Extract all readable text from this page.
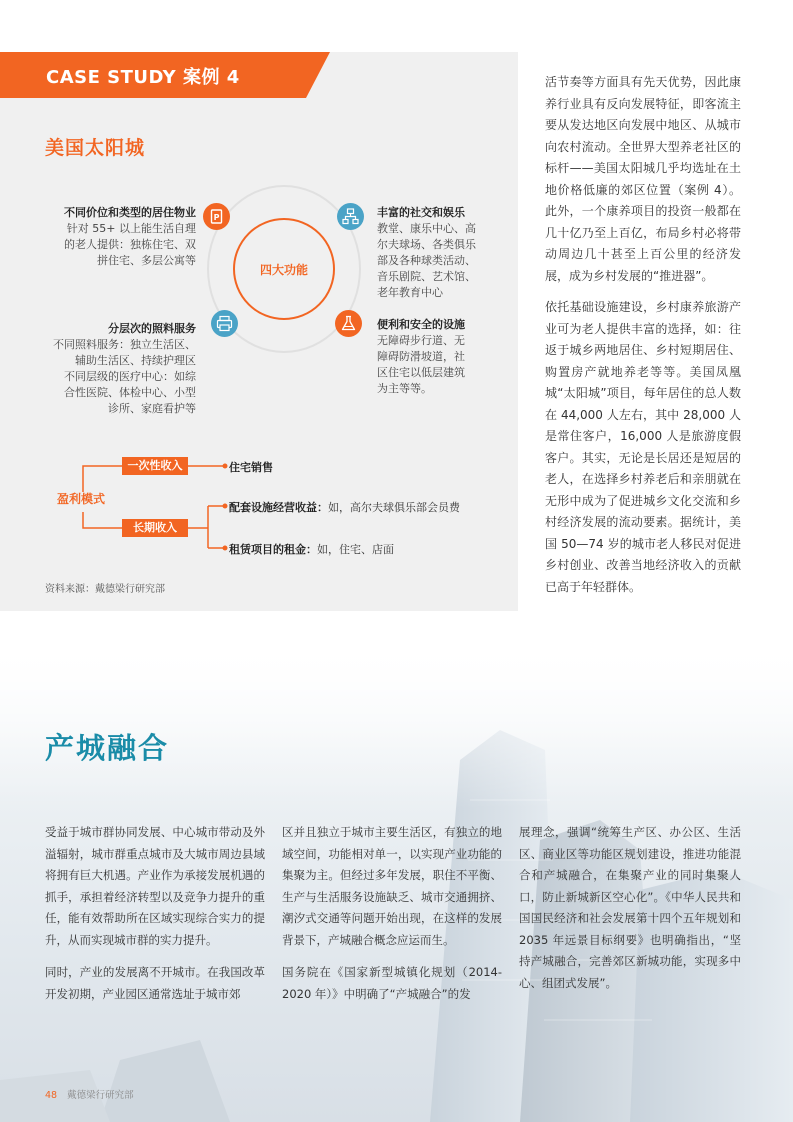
CASE STUDY 案例 4
美国太阳城
四大功能
P
不同价位和类型的居住物业
针对 55+ 以上能生活自理
的老人提供：独栋住宅、双
拼住宅、多层公寓等
丰富的社交和娱乐
教堂、康乐中心、高
尔夫球场、各类俱乐
部及各种球类活动、
音乐剧院、艺术馆、
老年教育中心
分层次的照料服务
不同照料服务：独立生活区、
辅助生活区、持续护理区
不同层级的医疗中心：如综
合性医院、体检中心、小型
诊所、家庭看护等
便利和安全的设施
无障碍步行道、无
障碍防滑坡道，社
区住宅以低层建筑
为主等等。
盈利模式
一次性收入
长期收入
住宅销售
配套设施经营收益：如，高尔夫球俱乐部会员费
租赁项目的租金：如，住宅、店面
资料来源：戴德梁行研究部

活节奏等方面具有先天优势，因此康养行业具有反向发展特征，即客流主要从发达地区向发展中地区、从城市向农村流动。全世界大型养老社区的标杆——美国太阳城几乎均选址在土地价格低廉的郊区位置（案例 4）。此外，一个康养项目的投资一般都在几十亿乃至上百亿，布局乡村必将带动周边几十甚至上百公里的经济发展，成为乡村发展的“推进器”。

依托基础设施建设，乡村康养旅游产业可为老人提供丰富的选择，如：往返于城乡两地居住、乡村短期居住、购置房产就地养老等等。美国凤凰城“太阳城”项目，每年居住的总人数在 44,000 人左右，其中 28,000 人是常住客户，16,000 人是旅游度假客户。其实，无论是长居还是短居的老人，在选择乡村养老后和亲朋就在无形中成为了促进城乡文化交流和乡村经济发展的流动要素。据统计，美国 50—74 岁的城市老人移民对促进乡村创业、改善当地经济收入的贡献已高于年轻群体。

产城融合

受益于城市群协同发展、中心城市带动及外溢辐射，城市群重点城市及大城市周边县域将拥有巨大机遇。产业作为承接发展机遇的抓手，承担着经济转型以及竞争力提升的重任，能有效帮助所在区域实现综合实力的提升，从而实现城市群的实力提升。

同时，产业的发展离不开城市。在我国改革开发初期，产业园区通常选址于城市郊

区并且独立于城市主要生活区，有独立的地域空间，功能相对单一，以实现产业功能的集聚为主。但经过多年发展，职住不平衡、生产与生活服务设施缺乏、城市交通拥挤、潮汐式交通等问题开始出现，在这样的发展背景下，产城融合概念应运而生。

国务院在《国家新型城镇化规划（2014-2020 年）》中明确了“产城融合”的发

展理念，强调“统筹生产区、办公区、生活区、商业区等功能区规划建设，推进功能混合和产城融合，在集聚产业的同时集聚人口，防止新城新区空心化”。《中华人民共和国国民经济和社会发展第十四个五年规划和 2035 年远景目标纲要》也明确指出，“坚持产城融合，完善郊区新城功能，实现多中心、组团式发展”。

48 戴德梁行研究部
